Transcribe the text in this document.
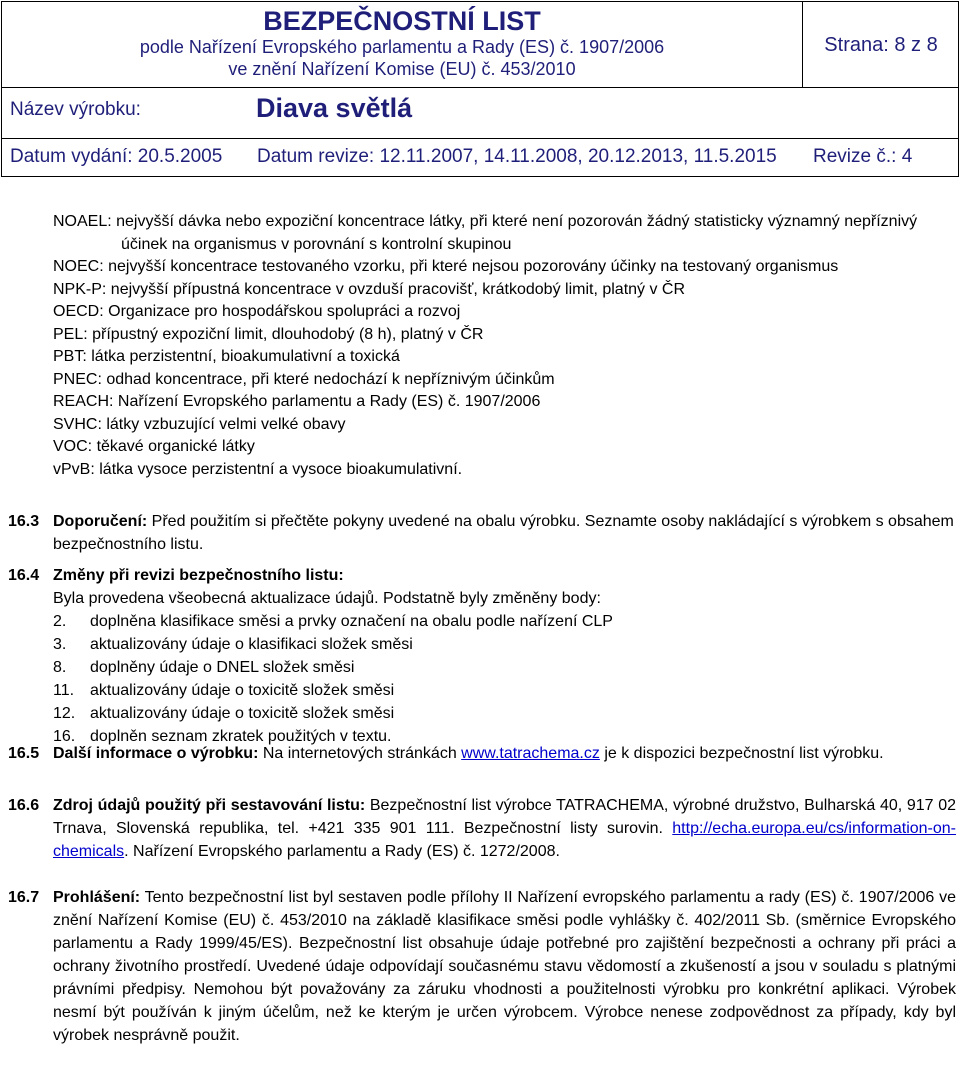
BEZPEČNOSTNÍ LIST
podle Nařízení Evropského parlamentu a Rady (ES) č. 1907/2006
ve znění Nařízení Komise (EU) č. 453/2010
Strana: 8 z 8
Název výrobku:	Diava světlá
Datum vydání: 20.5.2005 Datum revize: 12.11.2007, 14.11.2008, 20.12.2013, 11.5.2015 Revize č.: 4
NOAEL: nejvyšší dávka nebo expoziční koncentrace látky, při které není pozorován žádný statisticky významný nepříznivý účinek na organismus v porovnání s kontrolní skupinou
NOEC: nejvyšší koncentrace testovaného vzorku, při které nejsou pozorovány účinky na testovaný organismus
NPK-P: nejvyšší přípustná koncentrace v ovzduší pracovišť, krátkodobý limit, platný v ČR
OECD: Organizace pro hospodářskou spolupráci a rozvoj
PEL: přípustný expoziční limit, dlouhodobý (8 h), platný v ČR
PBT: látka perzistentní, bioakumulativní a toxická
PNEC: odhad koncentrace, při které nedochází k nepříznivým účinkům
REACH: Nařízení Evropského parlamentu a Rady (ES) č. 1907/2006
SVHC: látky vzbuzující velmi velké obavy
VOC: těkavé organické látky
vPvB: látka vysoce perzistentní a vysoce bioakumulativní.
16.3 Doporučení: Před použitím si přečtěte pokyny uvedené na obalu výrobku. Seznamte osoby nakládající s výrobkem s obsahem bezpečnostního listu.
16.4 Změny při revizi bezpečnostního listu:
Byla provedena všeobecná aktualizace údajů. Podstatně byly změněny body:
2. doplněna klasifikace směsi a prvky označení na obalu podle nařízení CLP
3. aktualizovány údaje o klasifikaci složek směsi
8. doplněny údaje o DNEL složek směsi
11. aktualizovány údaje o toxicitě složek směsi
12. aktualizovány údaje o toxicitě složek směsi
16. doplněn seznam zkratek použitých v textu.
16.5 Další informace o výrobku: Na internetových stránkách www.tatrachema.cz je k dispozici bezpečnostní list výrobku.
16.6 Zdroj údajů použitý při sestavování listu: Bezpečnostní list výrobce TATRACHEMA, výrobné družstvo, Bulharská 40, 917 02 Trnava, Slovenská republika, tel. +421 335 901 111. Bezpečnostní listy surovin. http://echa.europa.eu/cs/information-on-chemicals. Nařízení Evropského parlamentu a Rady (ES) č. 1272/2008.
16.7 Prohlášení: Tento bezpečnostní list byl sestaven podle přílohy II Nařízení evropského parlamentu a rady (ES) č. 1907/2006 ve znění Nařízení Komise (EU) č. 453/2010 na základě klasifikace směsi podle vyhlášky č. 402/2011 Sb. (směrnice Evropského parlamentu a Rady 1999/45/ES). Bezpečnostní list obsahuje údaje potřebné pro zajištění bezpečnosti a ochrany při práci a ochrany životního prostředí. Uvedené údaje odpovídají současnému stavu vědomostí a zkušeností a jsou v souladu s platnými právními předpisy. Nemohou být považovány za záruku vhodnosti a použitelnosti výrobku pro konkrétní aplikaci. Výrobek nesmí být používán k jiným účelům, než ke kterým je určen výrobcem. Výrobce nenese zodpovědnost za případy, kdy byl výrobek nesprávně použit.
